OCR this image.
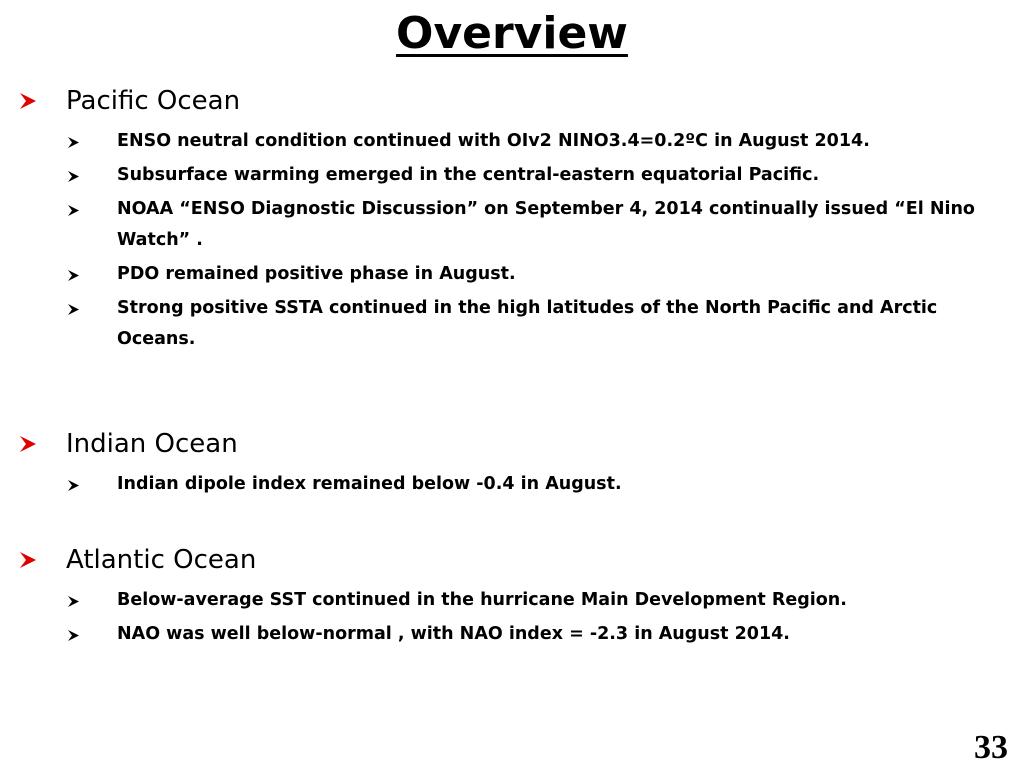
Overview
Pacific Ocean
ENSO neutral condition continued with OIv2 NINO3.4=0.2ºC in August 2014.
Subsurface warming emerged in the central-eastern equatorial Pacific.
NOAA “ENSO Diagnostic Discussion” on September 4, 2014 continually issued “El Nino Watch” .
PDO remained positive phase in August.
Strong positive SSTA continued in the high latitudes of the North Pacific and Arctic Oceans.
Indian Ocean
Indian dipole index remained below -0.4 in August.
Atlantic Ocean
Below-average SST continued in the hurricane Main Development Region.
NAO was well below-normal , with NAO index = -2.3 in August 2014.
33
